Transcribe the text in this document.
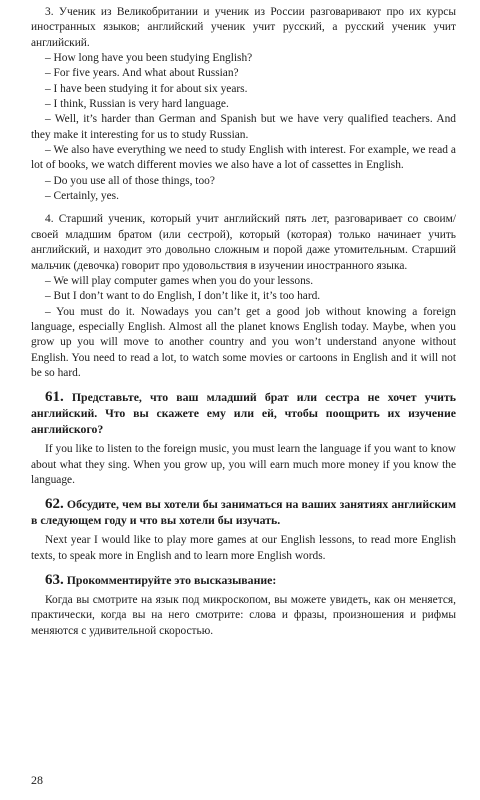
3. Ученик из Великобритании и ученик из России разговаривают про их курсы иностранных языков; английский ученик учит русский, а русский ученик учит английский.

– How long have you been studying English?

– For five years. And what about Russian?

– I have been studying it for about six years.

– I think, Russian is very hard language.

– Well, it’s harder than German and Spanish but we have very qualified teachers. And they make it interesting for us to study Russian.

– We also have everything we need to study English with interest. For example, we read a lot of books, we watch different movies we also have a lot of cassettes in English.

– Do you use all of those things, too?

– Certainly, yes.

4. Старший ученик, который учит английский пять лет, разговаривает со своим/своей младшим братом (или сестрой), который (которая) только начинает учить английский, и находит это довольно сложным и порой даже утомительным. Старший мальчик (девочка) говорит про удовольствия в изучении иностранного языка.

– We will play computer games when you do your lessons.

– But I don’t want to do English, I don’t like it, it’s too hard.

– You must do it. Nowadays you can’t get a good job without knowing a foreign language, especially English. Almost all the planet knows English today. Maybe, when you grow up you will move to another country and you won’t understand anyone without English. You need to read a lot, to watch some movies or cartoons in English and it will not be so hard.

61. Представьте, что ваш младший брат или сестра не хочет учить английский. Что вы скажете ему или ей, чтобы поощрить их изучение английского?

If you like to listen to the foreign music, you must learn the language if you want to know about what they sing. When you grow up, you will earn much more money if you know the language.

62. Обсудите, чем вы хотели бы заниматься на ваших занятиях английским в следующем году и что вы хотели бы изучать.

Next year I would like to play more games at our English lessons, to read more English texts, to speak more in English and to learn more English words.

63. Прокомментируйте это высказывание:

Когда вы смотрите на язык под микроскопом, вы можете увидеть, как он меняется, практически, когда вы на него смотрите: слова и фразы, произношения и рифмы меняются с удивительной скоростью.

28
